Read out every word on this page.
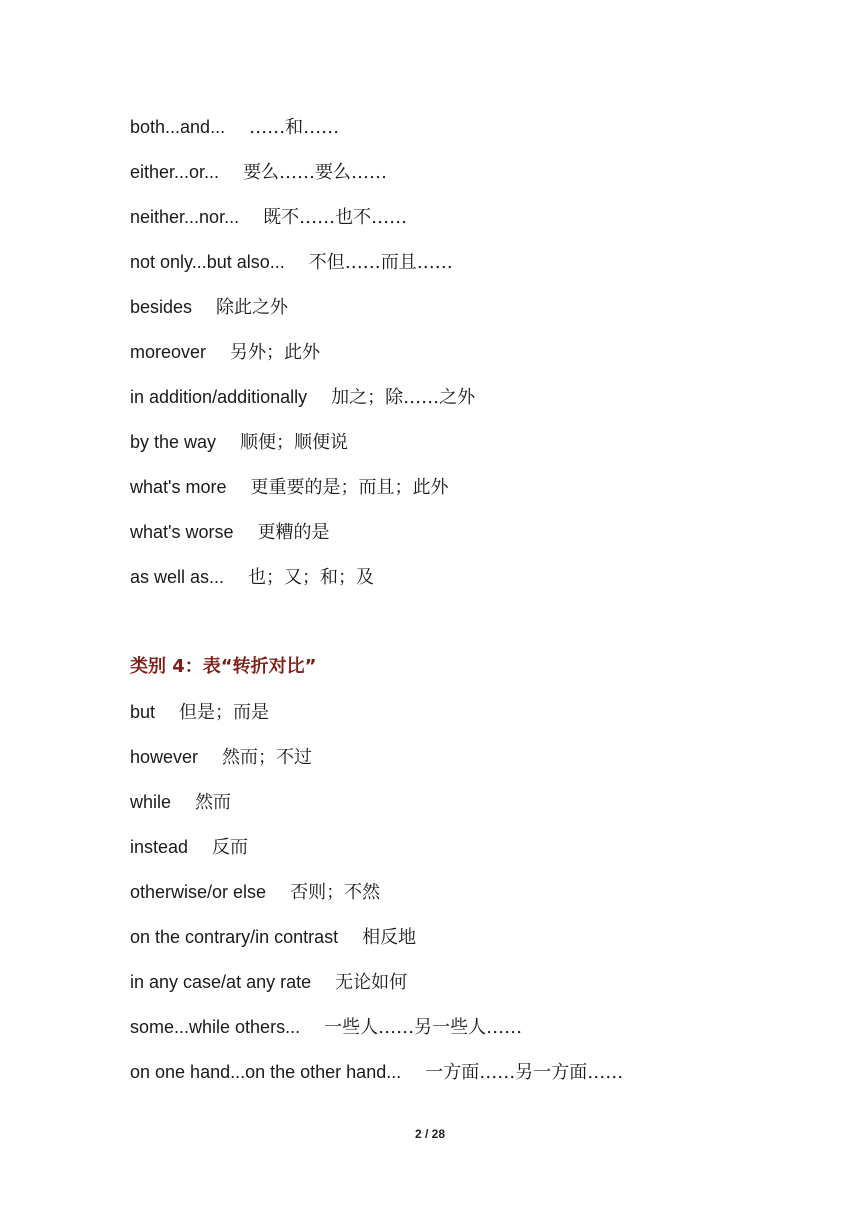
both...and... ……和……
either...or... 要么……要么……
neither...nor... 既不……也不……
not only...but also... 不但……而且……
besides 除此之外
moreover 另外；此外
in addition/additionally 加之；除……之外
by the way 顺便；顺便说
what's more 更重要的是；而且；此外
what's worse 更糟的是
as well as... 也；又；和；及
类别 4：表“转折对比”
but 但是；而是
however 然而；不过
while 然而
instead 反而
otherwise/or else 否则；不然
on the contrary/in contrast 相反地
in any case/at any rate 无论如何
some...while others... 一些人……另一些人……
on one hand...on the other hand... 一方面……另一方面……
2 / 28
